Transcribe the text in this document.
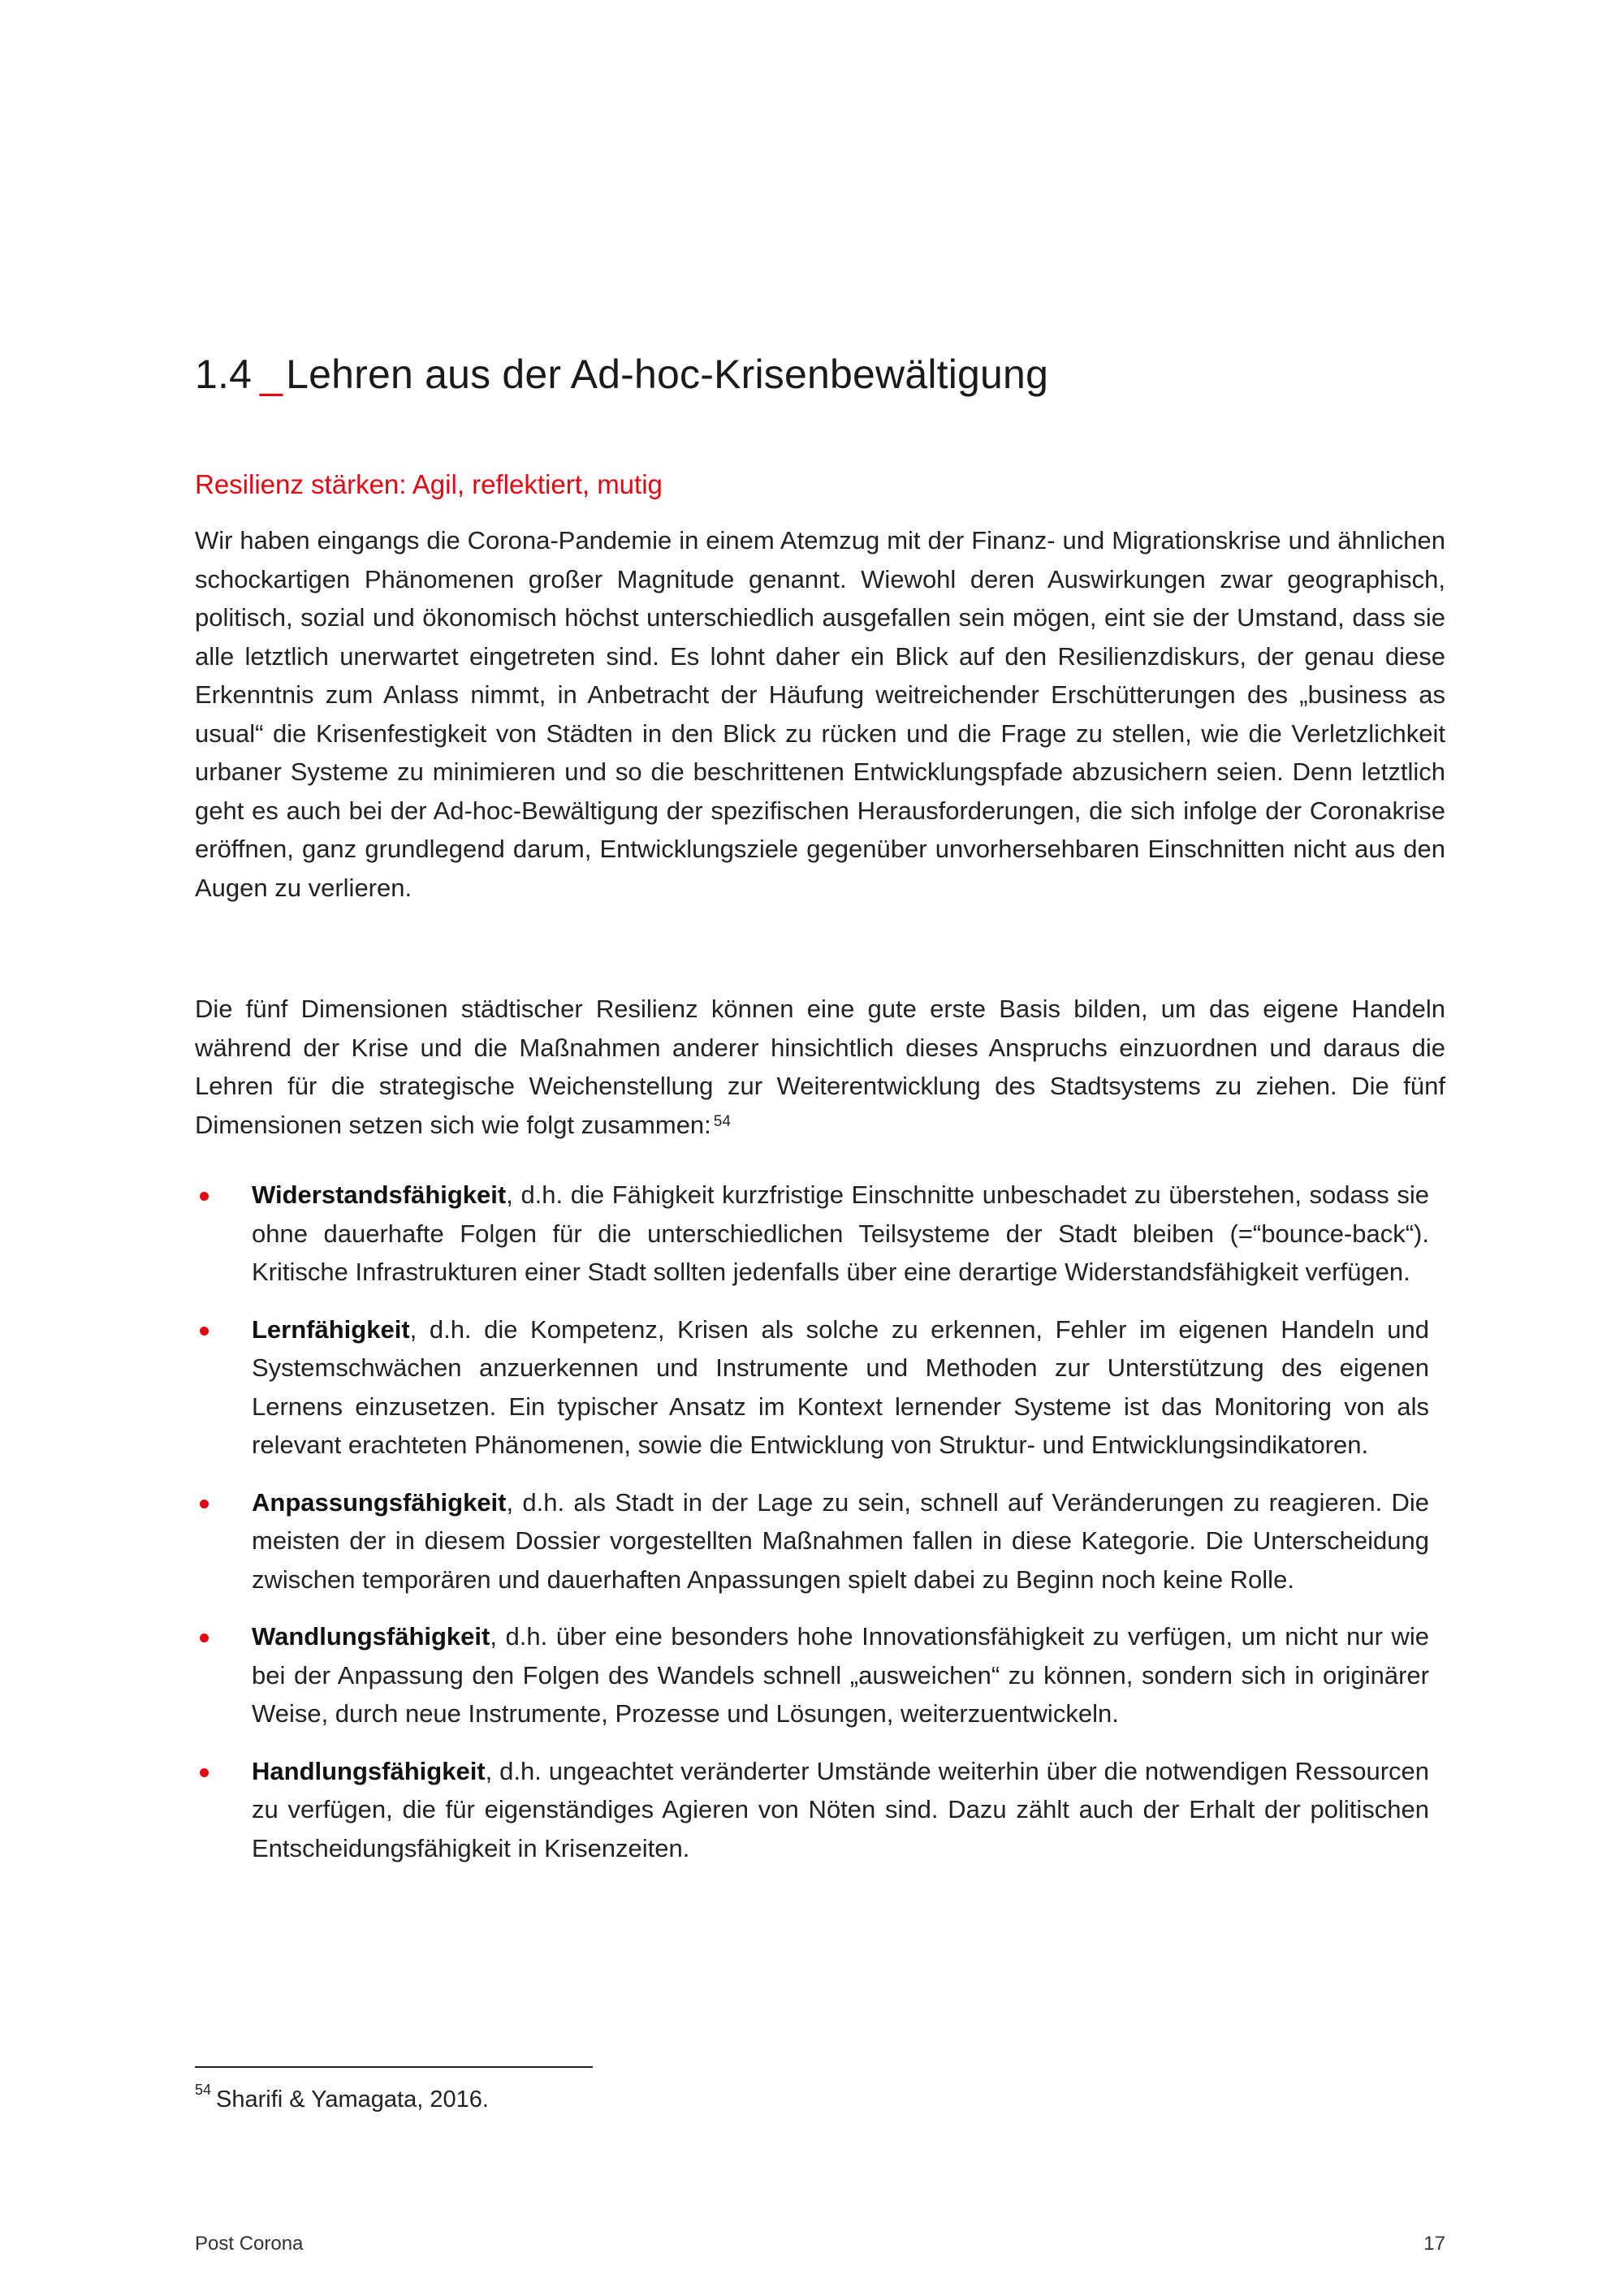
1.4 _Lehren aus der Ad-hoc-Krisenbewältigung
Resilienz stärken: Agil, reflektiert, mutig

Wir haben eingangs die Corona-Pandemie in einem Atemzug mit der Finanz- und Migrationskrise und ähnlichen schockartigen Phänomenen großer Magnitude genannt. Wiewohl deren Auswirkungen zwar geographisch, politisch, sozial und ökonomisch höchst unterschiedlich ausgefallen sein mögen, eint sie der Umstand, dass sie alle letztlich unerwartet eingetreten sind. Es lohnt daher ein Blick auf den Resilienzdiskurs, der genau diese Erkenntnis zum Anlass nimmt, in Anbetracht der Häufung weitreichender Erschütterungen des „business as usual“ die Krisenfestigkeit von Städten in den Blick zu rücken und die Frage zu stellen, wie die Verletzlichkeit urbaner Systeme zu minimieren und so die beschrittenen Entwicklungspfade abzusichern seien. Denn letztlich geht es auch bei der Ad-hoc-Bewältigung der spezifischen Herausforderungen, die sich infolge der Coronakrise eröffnen, ganz grundlegend darum, Entwicklungsziele gegenüber unvorhersehbaren Einschnitten nicht aus den Augen zu verlieren.

Die fünf Dimensionen städtischer Resilienz können eine gute erste Basis bilden, um das eigene Handeln während der Krise und die Maßnahmen anderer hinsichtlich dieses Anspruchs einzuordnen und daraus die Lehren für die strategische Weichenstellung zur Weiterentwicklung des Stadtsystems zu ziehen. Die fünf Dimensionen setzen sich wie folgt zusammen: $^{54}$

Widerstandsfähigkeit, d.h. die Fähigkeit kurzfristige Einschnitte unbeschadet zu überstehen, sodass sie ohne dauerhafte Folgen für die unterschiedlichen Teilsysteme der Stadt bleiben (=“bounce-back“). Kritische Infrastrukturen einer Stadt sollten jedenfalls über eine derartige Widerstandsfähigkeit verfügen.

Lernfähigkeit, d.h. die Kompetenz, Krisen als solche zu erkennen, Fehler im eigenen Handeln und Systemschwächen anzuerkennen und Instrumente und Methoden zur Unterstützung des eigenen Lernens einzusetzen. Ein typischer Ansatz im Kontext lernender Systeme ist das Monitoring von als relevant erachteten Phänomenen, sowie die Entwicklung von Struktur- und Entwicklungsindikatoren.

Anpassungsfähigkeit, d.h. als Stadt in der Lage zu sein, schnell auf Veränderungen zu reagieren. Die meisten der in diesem Dossier vorgestellten Maßnahmen fallen in diese Kategorie. Die Unterscheidung zwischen temporären und dauerhaften Anpassungen spielt dabei zu Beginn noch keine Rolle.

Wandlungsfähigkeit, d.h. über eine besonders hohe Innovationsfähigkeit zu verfügen, um nicht nur wie bei der Anpassung den Folgen des Wandels schnell „ausweichen“ zu können, sondern sich in originärer Weise, durch neue Instrumente, Prozesse und Lösungen, weiterzuentwickeln.

Handlungsfähigkeit, d.h. ungeachtet veränderter Umstände weiterhin über die notwendigen Ressourcen zu verfügen, die für eigenständiges Agieren von Nöten sind. Dazu zählt auch der Erhalt der politischen Entscheidungsfähigkeit in Krisenzeiten.

$^{54}$ Sharifi & Yamagata, 2016.

Post Corona	17
